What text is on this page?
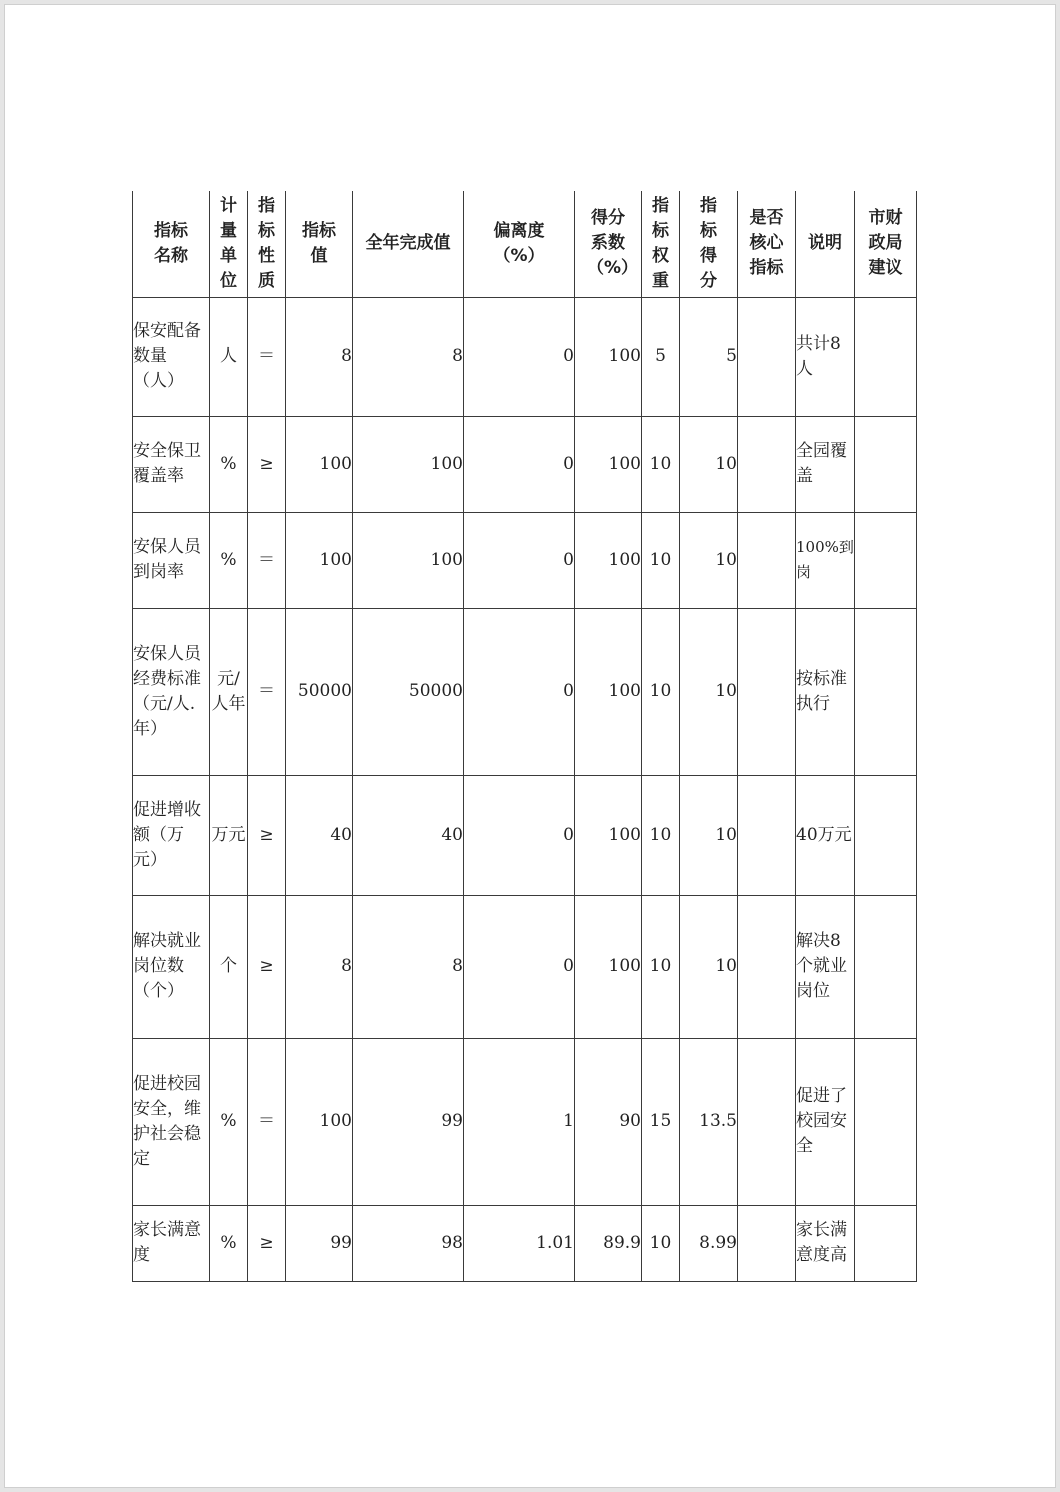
指标名称	计量单位	指标性质	指标值	全年完成值	偏离度（%）	得分系数（%）	指标权重	指标得分	是否核心指标	说明	市财政局建议

保安配备数量（人）	人	＝	8	8	0	100	5	5		共计8人	
安全保卫覆盖率	%	≥	100	100	0	100	10	10		全园覆盖	
安保人员到岗率	%	＝	100	100	0	100	10	10		100%到岗	
安保人员经费标准（元/人.年）	元/人年	＝	50000	50000	0	100	10	10		按标准执行	
促进增收额（万元）	万元	≥	40	40	0	100	10	10		40万元	
解决就业岗位数（个）	个	≥	8	8	0	100	10	10		解决8个就业岗位	
促进校园安全，维护社会稳定	%	＝	100	99	1	90	15	13.5		促进了校园安全	
家长满意度	%	≥	99	98	1.01	89.9	10	8.99		家长满意度高	
